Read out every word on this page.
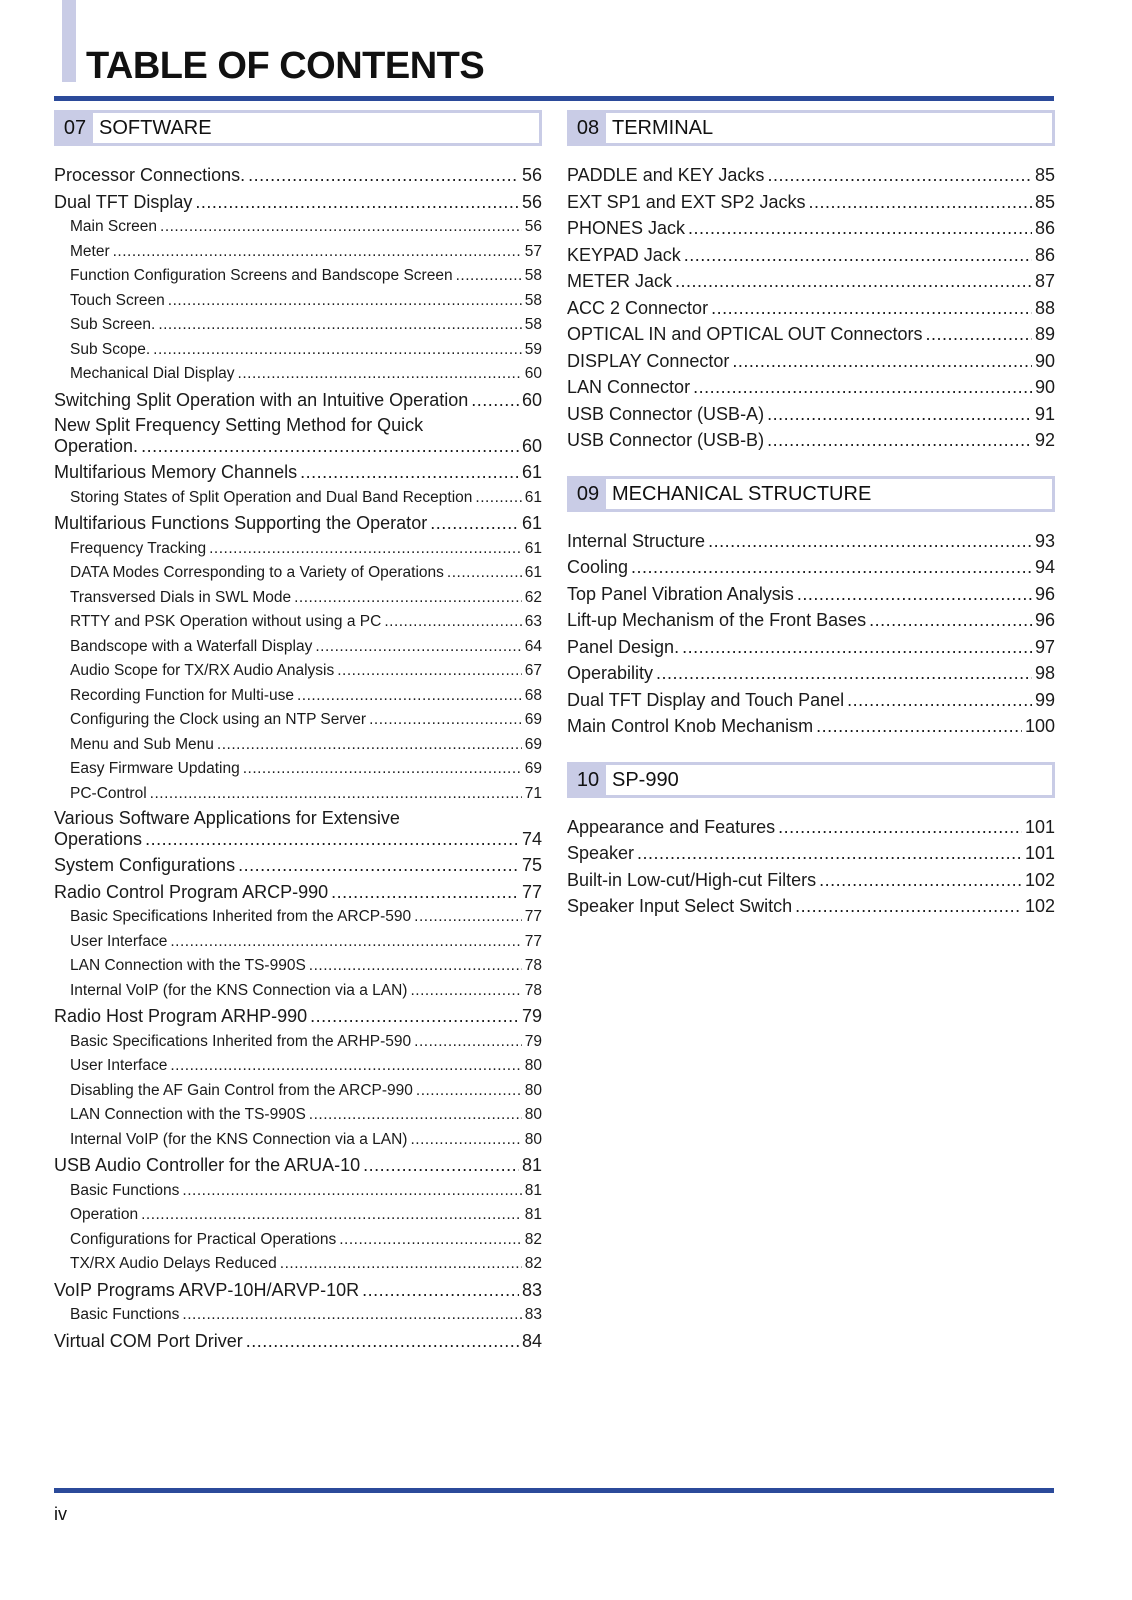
TABLE OF CONTENTS
07 SOFTWARE
Processor Connections. .....	56
Dual TFT Display .....	56
Main Screen .....	56
Meter .....	57
Function Configuration Screens and Bandscope Screen .....	58
Touch Screen .....	58
Sub Screen. .....	58
Sub Scope. .....	59
Mechanical Dial Display .....	60
Switching Split Operation with an Intuitive Operation .....	60
New Split Frequency Setting Method for Quick
Operation. .....	60
Multifarious Memory Channels .....	61
Storing States of Split Operation and Dual Band Reception .....	61
Multifarious Functions Supporting the Operator .....	61
Frequency Tracking .....	61
DATA Modes Corresponding to a Variety of Operations .....	61
Transversed Dials in SWL Mode .....	62
RTTY and PSK Operation without using a PC .....	63
Bandscope with a Waterfall Display .....	64
Audio Scope for TX/RX Audio Analysis .....	67
Recording Function for Multi-use .....	68
Configuring the Clock using an NTP Server .....	69
Menu and Sub Menu .....	69
Easy Firmware Updating .....	69
PC-Control .....	71
Various Software Applications for Extensive
Operations .....	74
System Configurations .....	75
Radio Control Program ARCP-990 .....	77
Basic Specifications Inherited from the ARCP-590 .....	77
User Interface .....	77
LAN Connection with the TS-990S .....	78
Internal VoIP (for the KNS Connection via a LAN) .....	78
Radio Host Program ARHP-990 .....	79
Basic Specifications Inherited from the ARHP-590 .....	79
User Interface .....	80
Disabling the AF Gain Control from the ARCP-990 .....	80
LAN Connection with the TS-990S .....	80
Internal VoIP (for the KNS Connection via a LAN) .....	80
USB Audio Controller for the ARUA-10 .....	81
Basic Functions .....	81
Operation .....	81
Configurations for Practical Operations .....	82
TX/RX Audio Delays Reduced .....	82
VoIP Programs ARVP-10H/ARVP-10R .....	83
Basic Functions .....	83
Virtual COM Port Driver .....	84
08 TERMINAL
PADDLE and KEY Jacks .....	85
EXT SP1 and EXT SP2 Jacks .....	85
PHONES Jack .....	86
KEYPAD Jack .....	86
METER Jack .....	87
ACC 2 Connector .....	88
OPTICAL IN and OPTICAL OUT Connectors .....	89
DISPLAY Connector .....	90
LAN Connector .....	90
USB Connector (USB-A) .....	91
USB Connector (USB-B) .....	92
09 MECHANICAL STRUCTURE
Internal Structure .....	93
Cooling .....	94
Top Panel Vibration Analysis .....	96
Lift-up Mechanism of the Front Bases .....	96
Panel Design. .....	97
Operability .....	98
Dual TFT Display and Touch Panel .....	99
Main Control Knob Mechanism .....	100
10 SP-990
Appearance and Features .....	101
Speaker .....	101
Built-in Low-cut/High-cut Filters .....	102
Speaker Input Select Switch .....	102
iv
